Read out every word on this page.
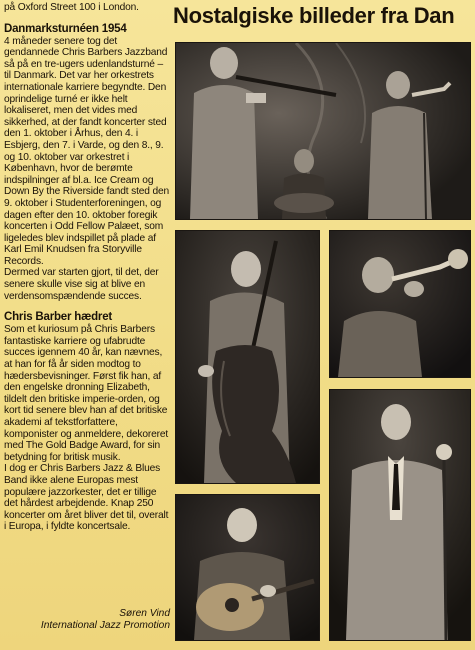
på Oxford Street 100 i London.

Danmarksturnéen 1954

4 måneder senere tog det gendannede Chris Barbers Jazzband så på en tre-ugers udenlandsturné – til Danmark. Det var her orkestrets internationale karriere begyndte. Den oprindelige turné er ikke helt lokaliseret, men det vides med sikkerhed, at der fandt koncerter sted den 1. oktober i Århus, den 4. i Esbjerg, den 7. i Varde, og den 8., 9. og 10. oktober var orkestret i København, hvor de berømte indspilninger af bl.a. Ice Cream og Down By the Riverside fandt sted den 9. oktober i Studenterforeningen, og dagen efter den 10. oktober foregik koncerten i Odd Fellow Palæet, som ligeledes blev indspillet på plade af Karl Emil Knudsen fra Storyville Records.

Dermed var starten gjort, til det, der senere skulle vise sig at blive en verdensomspændende succes.

Chris Barber hædret

Som et kuriosum på Chris Barbers fantastiske karriere og ufabrudte succes igennem 40 år, kan nævnes, at han for få år siden modtog to hædersbevisninger. Først fik han, af den engelske dronning Elizabeth, tildelt den britiske imperie-orden, og kort tid senere blev han af det britiske akademi af tekstforfattere, komponister og anmeldere, dekoreret med The Gold Badge Award, for sin betydning for britisk musik.

I dog er Chris Barbers Jazz & Blues Band ikke alene Europas mest populære jazzorkester, det er tillige det hårdest arbejdende. Knap 250 koncerter om året bliver det til, overalt i Europa, i fyldte koncertsale.

Søren Vind
International Jazz Promotion
Nostalgiske billeder fra Dan
